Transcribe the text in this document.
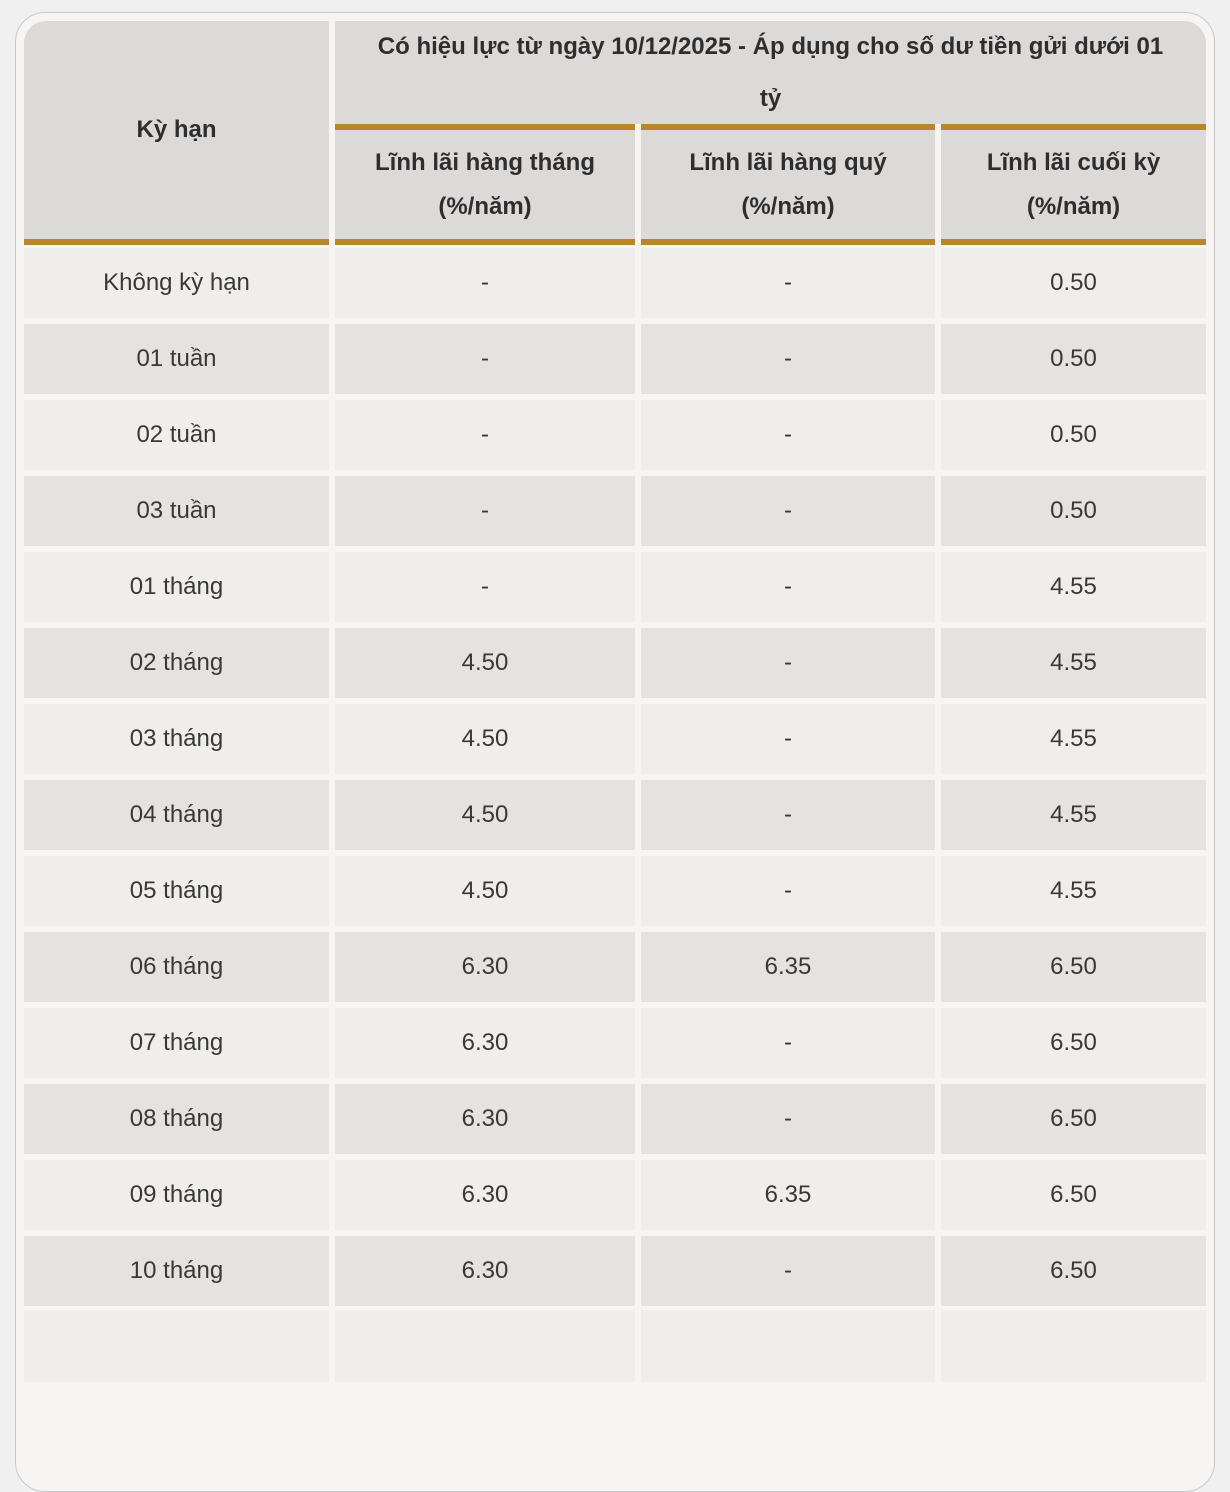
Kỳ hạn
Có hiệu lực từ ngày 10/12/2025 - Áp dụng cho số dư tiền gửi dưới 01 tỷ
Lĩnh lãi hàng tháng
(%/năm)
Lĩnh lãi hàng quý
(%/năm)
Lĩnh lãi cuối kỳ
(%/năm)
Không kỳ hạn	-	-	0.50
01 tuần	-	-	0.50
02 tuần	-	-	0.50
03 tuần	-	-	0.50
01 tháng	-	-	4.55
02 tháng	4.50	-	4.55
03 tháng	4.50	-	4.55
04 tháng	4.50	-	4.55
05 tháng	4.50	-	4.55
06 tháng	6.30	6.35	6.50
07 tháng	6.30	-	6.50
08 tháng	6.30	-	6.50
09 tháng	6.30	6.35	6.50
10 tháng	6.30	-	6.50
